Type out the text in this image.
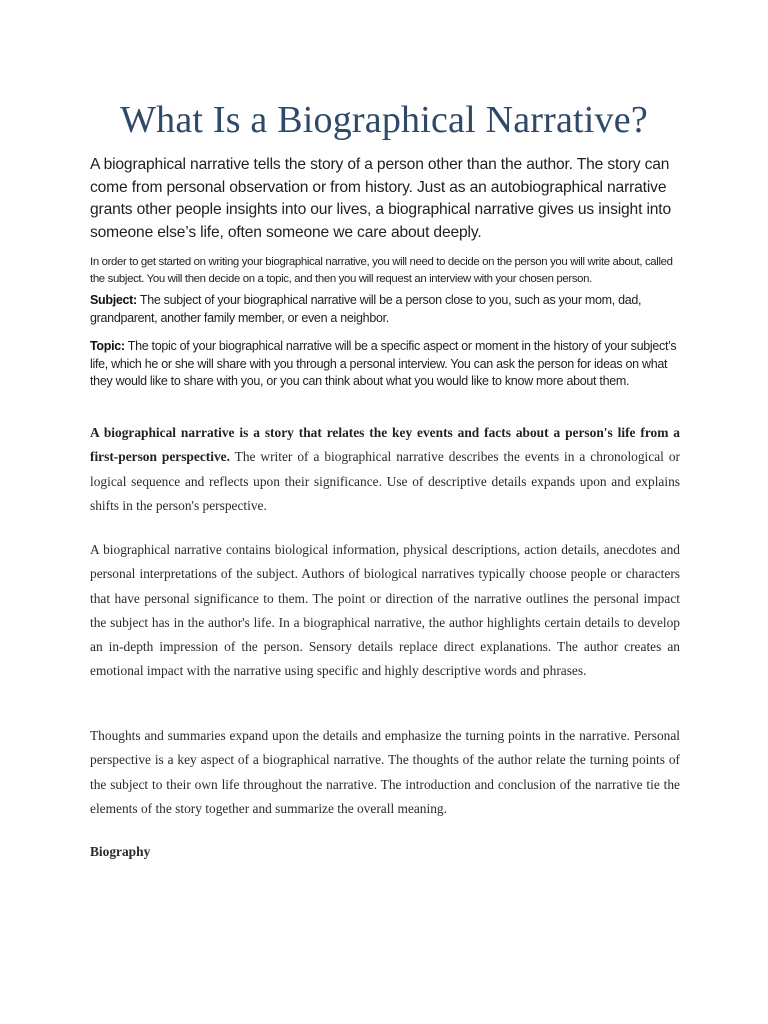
What Is a Biographical Narrative?

A biographical narrative tells the story of a person other than the author. The story can come from personal observation or from history. Just as an autobiographical narrative grants other people insights into our lives, a biographical narrative gives us insight into someone else’s life, often someone we care about deeply.

In order to get started on writing your biographical narrative, you will need to decide on the person you will write about, called the subject. You will then decide on a topic, and then you will request an interview with your chosen person.

Subject: The subject of your biographical narrative will be a person close to you, such as your mom, dad, grandparent, another family member, or even a neighbor.

Topic: The topic of your biographical narrative will be a specific aspect or moment in the history of your subject’s life, which he or she will share with you through a personal interview. You can ask the person for ideas on what they would like to share with you, or you can think about what you would like to know more about them.

A biographical narrative is a story that relates the key events and facts about a person's life from a first-person perspective. The writer of a biographical narrative describes the events in a chronological or logical sequence and reflects upon their significance. Use of descriptive details expands upon and explains shifts in the person's perspective.

A biographical narrative contains biological information, physical descriptions, action details, anecdotes and personal interpretations of the subject. Authors of biological narratives typically choose people or characters that have personal significance to them. The point or direction of the narrative outlines the personal impact the subject has in the author's life. In a biographical narrative, the author highlights certain details to develop an in-depth impression of the person. Sensory details replace direct explanations. The author creates an emotional impact with the narrative using specific and highly descriptive words and phrases.

Thoughts and summaries expand upon the details and emphasize the turning points in the narrative. Personal perspective is a key aspect of a biographical narrative. The thoughts of the author relate the turning points of the subject to their own life throughout the narrative. The introduction and conclusion of the narrative tie the elements of the story together and summarize the overall meaning.

Biography
